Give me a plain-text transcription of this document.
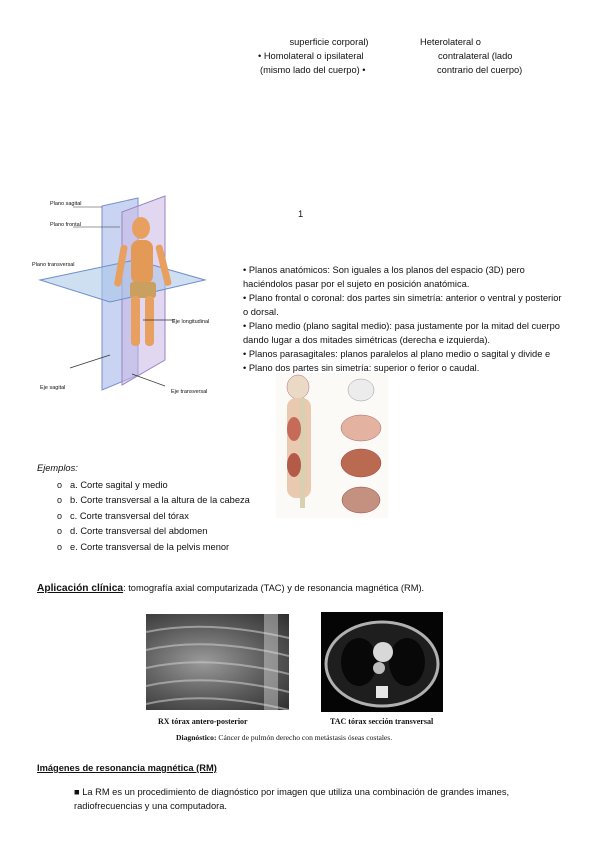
superficie corporal)
• Homolateral o ipsilateral
(mismo lado del cuerpo) •
Heterolateral o
contralateral (lado
contrario del cuerpo)
1
Plano sagital
Plano frontal
Plano transversal
Eje longitudinal
Eje sagital
Eje transversal

• Planos anatómicos: Son iguales a los planos del espacio (3D) pero haciéndolos pasar por el sujeto en posición anatómica.

• Plano frontal o coronal: dos partes sin simetría: anterior o ventral y posterior o dorsal.

• Plano medio (plano sagital medio): pasa justamente por la mitad del cuerpo dando lugar a dos mitades simétricas (derecha e izquierda).

• Planos parasagitales: planos paralelos al plano medio o sagital y divide e

• Plano dos partes sin simetría: superior o ferior o caudal.

Ejemplos:
o a. Corte sagital y medio
o b. Corte transversal a la altura de la cabeza
o c. Corte transversal del tórax
o d. Corte transversal del abdomen
o e. Corte transversal de la pelvis menor
Aplicación clínica: tomografía axial computarizada (TAC) y de resonancia magnética (RM).
RX tórax antero-posterior	TAC tórax sección transversal
Diagnóstico: Cáncer de pulmón derecho con metástasis óseas costales.
Imágenes de resonancia magnética (RM)
■ La RM es un procedimiento de diagnóstico por imagen que utiliza una combinación de grandes imanes,
radiofrecuencias y una computadora.
